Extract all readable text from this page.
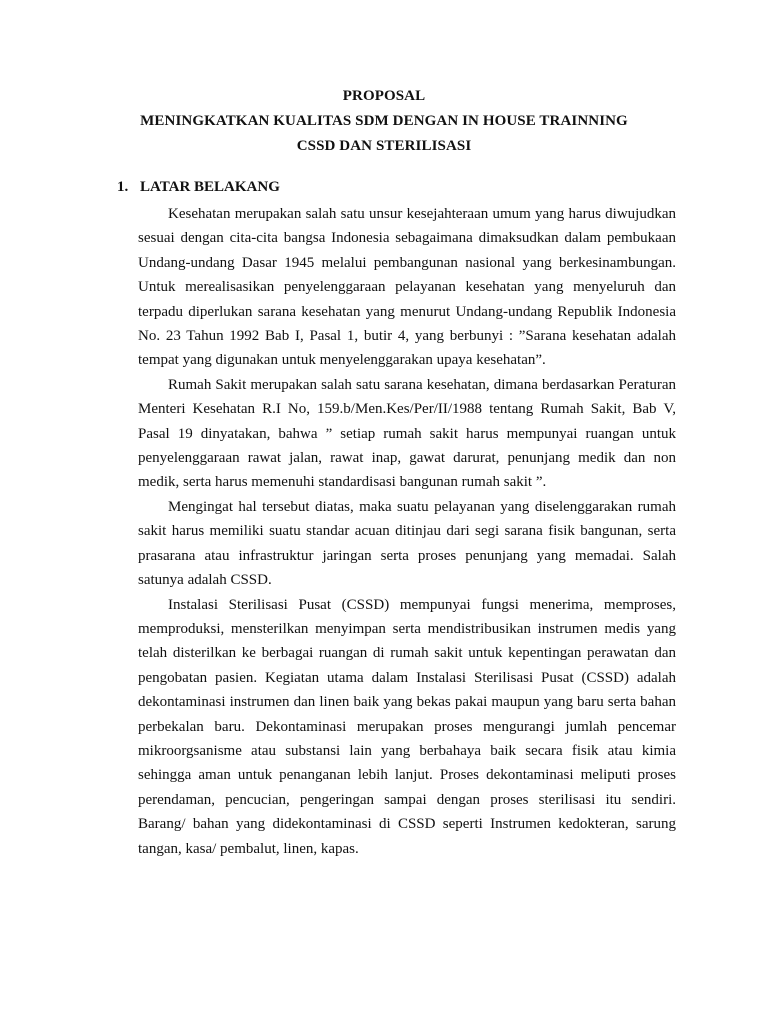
PROPOSAL
MENINGKATKAN KUALITAS SDM DENGAN IN HOUSE TRAINNING
CSSD DAN STERILISASI
1. LATAR BELAKANG

Kesehatan merupakan salah satu unsur kesejahteraan umum yang harus diwujudkan sesuai dengan cita-cita bangsa Indonesia sebagaimana dimaksudkan dalam pembukaan Undang-undang Dasar 1945 melalui pembangunan nasional yang berkesinambungan. Untuk merealisasikan penyelenggaraan pelayanan kesehatan yang menyeluruh dan terpadu diperlukan sarana kesehatan yang menurut Undang-undang Republik Indonesia No. 23 Tahun 1992 Bab I, Pasal 1, butir 4, yang berbunyi : ”Sarana kesehatan adalah tempat yang digunakan untuk menyelenggarakan upaya kesehatan”.

Rumah Sakit merupakan salah satu sarana kesehatan, dimana berdasarkan Peraturan Menteri Kesehatan R.I No, 159.b/Men.Kes/Per/II/1988 tentang Rumah Sakit, Bab V, Pasal 19 dinyatakan, bahwa ” setiap rumah sakit harus mempunyai ruangan untuk penyelenggaraan rawat jalan, rawat inap, gawat darurat, penunjang medik dan non medik, serta harus memenuhi standardisasi bangunan rumah sakit ”.

Mengingat hal tersebut diatas, maka suatu pelayanan yang diselenggarakan rumah sakit harus memiliki suatu standar acuan ditinjau dari segi sarana fisik bangunan, serta prasarana atau infrastruktur jaringan serta proses penunjang yang memadai. Salah satunya adalah CSSD.

Instalasi Sterilisasi Pusat (CSSD) mempunyai fungsi menerima, memproses, memproduksi, mensterilkan menyimpan serta mendistribusikan instrumen medis yang telah disterilkan ke berbagai ruangan di rumah sakit untuk kepentingan perawatan dan pengobatan pasien. Kegiatan utama dalam Instalasi Sterilisasi Pusat (CSSD) adalah dekontaminasi instrumen dan linen baik yang bekas pakai maupun yang baru serta bahan perbekalan baru. Dekontaminasi merupakan proses mengurangi jumlah pencemar mikroorgsanisme atau substansi lain yang berbahaya baik secara fisik atau kimia sehingga aman untuk penanganan lebih lanjut. Proses dekontaminasi meliputi proses perendaman, pencucian, pengeringan sampai dengan proses sterilisasi itu sendiri. Barang/ bahan yang didekontaminasi di CSSD seperti Instrumen kedokteran, sarung tangan, kasa/ pembalut, linen, kapas.
